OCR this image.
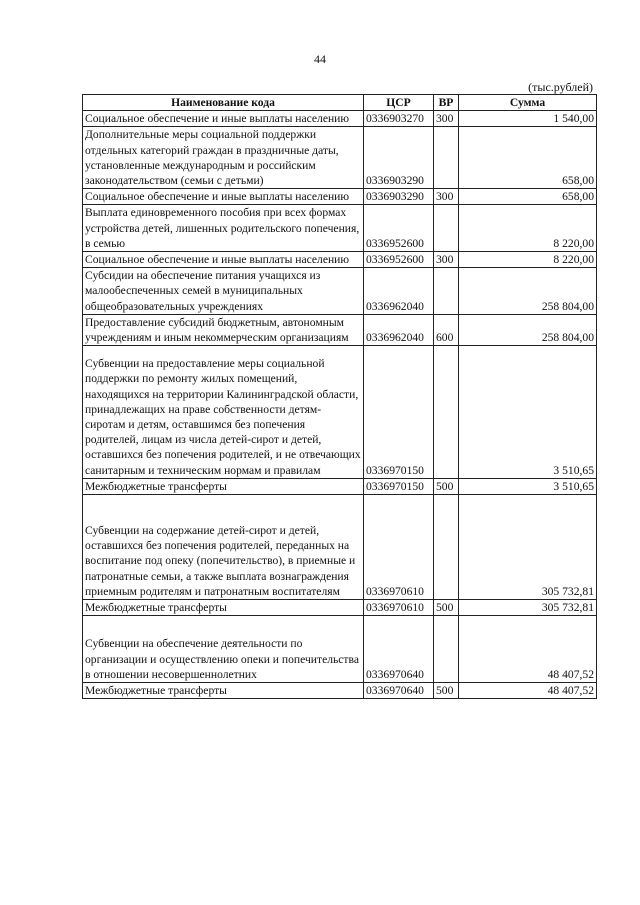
44
(тыс.рублей)
Наименование кода	ЦСР	ВР	Сумма
Социальное обеспечение и иные выплаты населению	0336903270	300	1 540,00
Дополнительные меры социальной поддержки отдельных категорий граждан в праздничные даты, установленные международным и российским законодательством (семьи с детьми)	0336903290		658,00
Социальное обеспечение и иные выплаты населению	0336903290	300	658,00
Выплата единовременного пособия при всех формах устройства детей, лишенных родительского попечения, в семью	0336952600		8 220,00
Социальное обеспечение и иные выплаты населению	0336952600	300	8 220,00
Субсидии на обеспечение питания учащихся из малообеспеченных семей в муниципальных общеобразовательных учреждениях	0336962040		258 804,00
Предоставление субсидий бюджетным, автономным учреждениям и иным некоммерческим организациям	0336962040	600	258 804,00
Субвенции на предоставление меры социальной поддержки по ремонту жилых помещений, находящихся на территории Калининградской области, принадлежащих на праве собственности детям-сиротам и детям, оставшимся без попечения родителей, лицам из числа детей-сирот и детей, оставшихся без попечения родителей, и не отвечающих санитарным и техническим нормам и правилам	0336970150		3 510,65
Межбюджетные трансферты	0336970150	500	3 510,65
Субвенции на содержание детей-сирот и детей, оставшихся без попечения родителей, переданных на воспитание под опеку (попечительство), в приемные и патронатные семьи, а также выплата вознаграждения приемным родителям и патронатным воспитателям	0336970610		305 732,81
Межбюджетные трансферты	0336970610	500	305 732,81
Субвенции на обеспечение деятельности по организации и осуществлению опеки и попечительства в отношении несовершеннолетних	0336970640		48 407,52
Межбюджетные трансферты	0336970640	500	48 407,52
